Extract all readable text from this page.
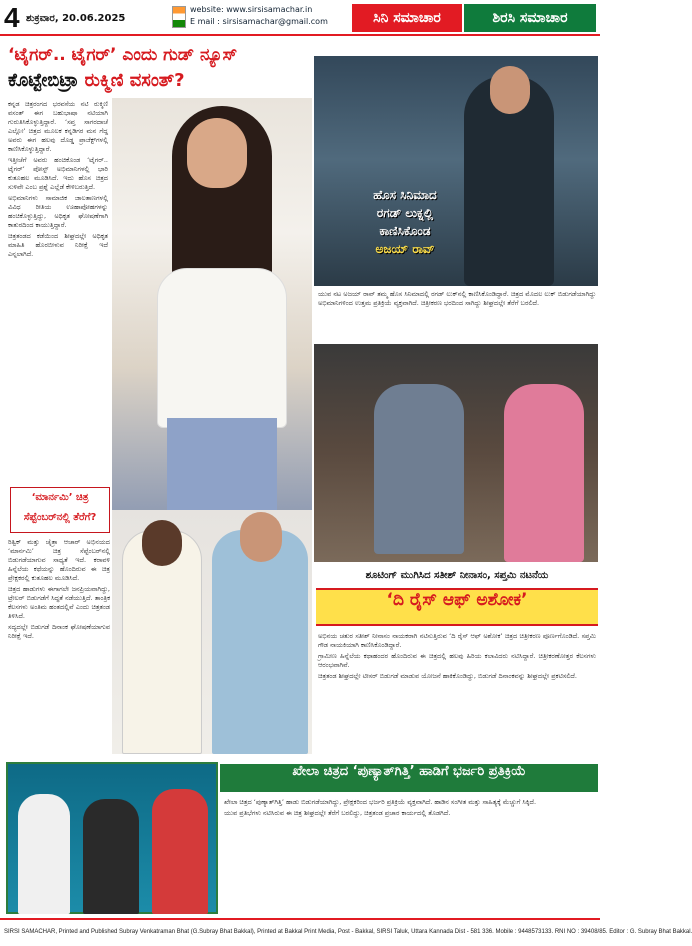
4 ಶುಕ್ರವಾರ, 20.06.2025
website: www.sirsisamachar.in
E mail : sirsisamachar@gmail.com	ಸಿನಿ ಸಮಾಚಾರ	ಶಿರಸಿ ಸಮಾಚಾರ
‘ಟೈಗರ್.. ಟೈಗರ್’ ಎಂದು ಗುಡ್ ನ್ಯೂಸ್
ಕೊಟ್ಟೇಬಿಟ್ರಾ ರುಕ್ಮಿಣಿ ವಸಂತ್?

ಕನ್ನಡ ಚಿತ್ರರಂಗದ ಭರವಸೆಯ ನಟಿ ರುಕ್ಮಿಣಿ ವಸಂತ್ ಈಗ ಬಹುಭಾಷಾ ನಟಿಯಾಗಿ ಗುರುತಿಸಿಕೊಳ್ಳುತ್ತಿದ್ದಾರೆ. ‘ಸಪ್ತ ಸಾಗರದಾಚೆ ಎಲ್ಲೋ’ ಚಿತ್ರದ ಮೂಲಕ ಕನ್ನಡಿಗರ ಮನ ಗೆದ್ದ ಅವರು ಈಗ ಹಲವು ದೊಡ್ಡ ಪ್ರಾಜೆಕ್ಟ್‌ಗಳಲ್ಲಿ ಕಾಣಿಸಿಕೊಳ್ಳುತ್ತಿದ್ದಾರೆ.

ಇತ್ತೀಚೆಗೆ ಅವರು ಹಂಚಿಕೊಂಡ ‘ಟೈಗರ್.. ಟೈಗರ್’ ಪೋಸ್ಟ್ ಅಭಿಮಾನಿಗಳಲ್ಲಿ ಭಾರಿ ಕುತೂಹಲ ಮೂಡಿಸಿದೆ. ಇದು ಹೊಸ ಚಿತ್ರದ ಸುಳಿವೇ ಎಂಬ ಪ್ರಶ್ನೆ ಎಲ್ಲೆಡೆ ಕೇಳಿಬರುತ್ತಿದೆ.

ಅಭಿಮಾನಿಗಳು ಸಾಮಾಜಿಕ ಜಾಲತಾಣಗಳಲ್ಲಿ ವಿವಿಧ ರೀತಿಯ ಊಹಾಪೋಹಗಳನ್ನು ಹಂಚಿಕೊಳ್ಳುತ್ತಿದ್ದು, ಅಧಿಕೃತ ಘೋಷಣೆಗಾಗಿ ಕಾತುರದಿಂದ ಕಾಯುತ್ತಿದ್ದಾರೆ.

ಚಿತ್ರತಂಡದ ಕಡೆಯಿಂದ ಶೀಘ್ರದಲ್ಲೇ ಅಧಿಕೃತ ಮಾಹಿತಿ ಹೊರಬೀಳುವ ನಿರೀಕ್ಷೆ ಇದೆ ಎನ್ನಲಾಗಿದೆ.

ಹೊಸ ಸಿನಿಮಾದ
ರಗಡ್ ಲುಕ್ನಲ್ಲಿ
ಕಾಣಿಸಿಕೊಂಡ
ಅಜಯ್ ರಾವ್

ಯುವ ನಟ ಅಜಯ್ ರಾವ್ ತಮ್ಮ ಹೊಸ ಸಿನಿಮಾದಲ್ಲಿ ರಗಡ್ ಲುಕ್‌ನಲ್ಲಿ ಕಾಣಿಸಿಕೊಂಡಿದ್ದಾರೆ. ಚಿತ್ರದ ಮೊದಲ ಲುಕ್ ಬಿಡುಗಡೆಯಾಗಿದ್ದು ಅಭಿಮಾನಿಗಳಿಂದ ಉತ್ತಮ ಪ್ರತಿಕ್ರಿಯೆ ವ್ಯಕ್ತವಾಗಿದೆ. ಚಿತ್ರೀಕರಣ ಭರದಿಂದ ಸಾಗಿದ್ದು ಶೀಘ್ರದಲ್ಲೇ ತೆರೆಗೆ ಬರಲಿದೆ.

‘ಮಾರ್ನಮಿ’ ಚಿತ್ರ
ಸೆಪ್ಟೆಂಬರ್‌ನಲ್ಲಿ ತೆರೆಗೆ?

ರಿತ್ವಿಕ್ ಮತ್ತು ಚೈತ್ರಾ ಆಚಾರ್ ಅಭಿನಯದ ‘ಮಾರ್ನಮಿ’ ಚಿತ್ರ ಸೆಪ್ಟೆಂಬರ್‌ನಲ್ಲಿ ಬಿಡುಗಡೆಯಾಗುವ ಸಾಧ್ಯತೆ ಇದೆ. ಕರಾವಳಿ ಹಿನ್ನೆಲೆಯ ಕಥೆಯನ್ನು ಹೊಂದಿರುವ ಈ ಚಿತ್ರ ಪ್ರೇಕ್ಷಕರಲ್ಲಿ ಕುತೂಹಲ ಮೂಡಿಸಿದೆ.

ಚಿತ್ರದ ಹಾಡುಗಳು ಈಗಾಗಲೇ ಜನಪ್ರಿಯವಾಗಿದ್ದು, ಟ್ರೇಲರ್ ಬಿಡುಗಡೆಗೆ ಸಿದ್ಧತೆ ನಡೆಯುತ್ತಿದೆ. ತಾಂತ್ರಿಕ ಕೆಲಸಗಳು ಅಂತಿಮ ಹಂತದಲ್ಲಿವೆ ಎಂದು ಚಿತ್ರತಂಡ ತಿಳಿಸಿದೆ.

ಸದ್ಯದಲ್ಲೇ ಬಿಡುಗಡೆ ದಿನಾಂಕ ಘೋಷಣೆಯಾಗುವ ನಿರೀಕ್ಷೆ ಇದೆ.

ಶೂಟಿಂಗ್ ಮುಗಿಸಿದ ಸತೀಶ್ ನೀನಾಸಂ, ಸಪ್ತಮಿ ನಟನೆಯ
‘ದಿ ರೈಸ್ ಆಫ್ ಅಶೋಕ’

ಅಭಿನಯ ಚತುರ ಸತೀಶ್ ನೀನಾಸಂ ನಾಯಕರಾಗಿ ನಟಿಸುತ್ತಿರುವ ‘ದಿ ರೈಸ್ ಆಫ್ ಅಶೋಕ’ ಚಿತ್ರದ ಚಿತ್ರೀಕರಣ ಪೂರ್ಣಗೊಂಡಿದೆ. ಸಪ್ತಮಿ ಗೌಡ ನಾಯಕಿಯಾಗಿ ಕಾಣಿಸಿಕೊಂಡಿದ್ದಾರೆ.

ಗ್ರಾಮೀಣ ಹಿನ್ನೆಲೆಯ ಕಥಾಹಂದರ ಹೊಂದಿರುವ ಈ ಚಿತ್ರದಲ್ಲಿ ಹಲವು ಹಿರಿಯ ಕಲಾವಿದರು ನಟಿಸಿದ್ದಾರೆ. ಚಿತ್ರೀಕರಣೋತ್ತರ ಕೆಲಸಗಳು ಆರಂಭವಾಗಿವೆ.

ಚಿತ್ರತಂಡ ಶೀಘ್ರದಲ್ಲೇ ಟೀಸರ್ ಬಿಡುಗಡೆ ಮಾಡುವ ಯೋಜನೆ ಹಾಕಿಕೊಂಡಿದ್ದು, ಬಿಡುಗಡೆ ದಿನಾಂಕವನ್ನು ಶೀಘ್ರದಲ್ಲೇ ಪ್ರಕಟಿಸಲಿದೆ.

ಖೇಲಾ ಚಿತ್ರದ ‘ಪುಣ್ಯಾತ್‌ಗಿತ್ತಿ’ ಹಾಡಿಗೆ ಭರ್ಜರಿ ಪ್ರತಿಕ್ರಿಯೆ

ಖೇಲಾ ಚಿತ್ರದ ‘ಪುಣ್ಯಾತ್‌ಗಿತ್ತಿ’ ಹಾಡು ಬಿಡುಗಡೆಯಾಗಿದ್ದು, ಪ್ರೇಕ್ಷಕರಿಂದ ಭರ್ಜರಿ ಪ್ರತಿಕ್ರಿಯೆ ವ್ಯಕ್ತವಾಗಿದೆ. ಹಾಡಿನ ಸಂಗೀತ ಮತ್ತು ಸಾಹಿತ್ಯಕ್ಕೆ ಮೆಚ್ಚುಗೆ ಸಿಕ್ಕಿದೆ.

ಯುವ ಪ್ರತಿಭೆಗಳು ನಟಿಸಿರುವ ಈ ಚಿತ್ರ ಶೀಘ್ರದಲ್ಲೇ ತೆರೆಗೆ ಬರಲಿದ್ದು, ಚಿತ್ರತಂಡ ಪ್ರಚಾರ ಕಾರ್ಯದಲ್ಲಿ ತೊಡಗಿದೆ.

SIRSI SAMACHAR, Printed and Published Subray Venkatraman Bhat (G.Subray Bhat Bakkal), Printed at Bakkal Print Media, Post - Bakkal, SIRSI Taluk, Uttara Kannada Dist - 581 336. Mobile : 9448573133. RNI NO : 39408/85. Editor : G. Subray Bhat Bakkal.
